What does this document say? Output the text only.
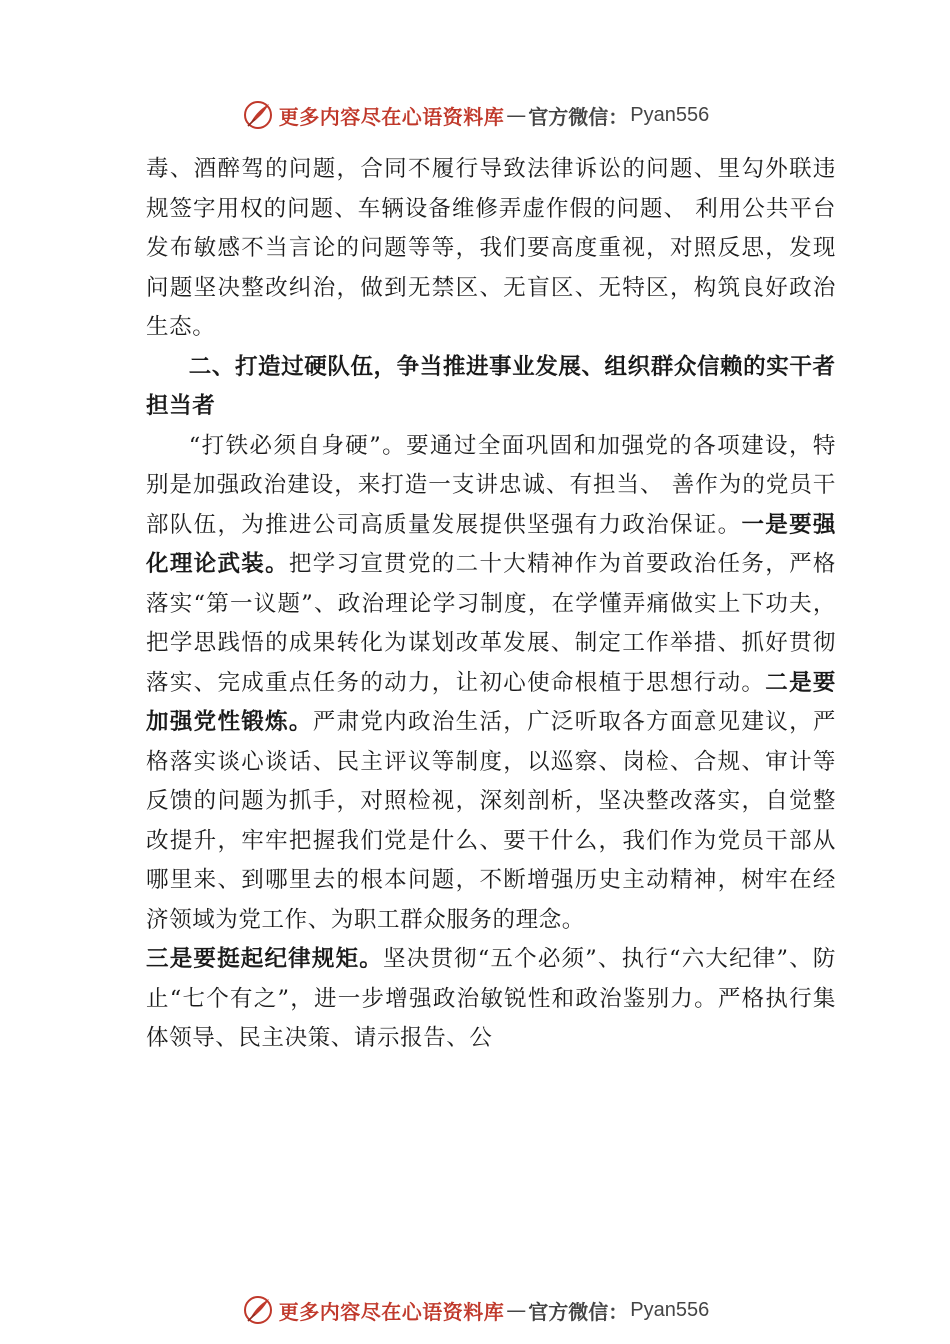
更多内容尽在心语资料库 — 官方微信： Pyan556

毒、酒醉驾的问题，合同不履行导致法律诉讼的问题、里勾外联违规签字用权的问题、车辆设备维修弄虚作假的问题、 利用公共平台发布敏感不当言论的问题等等，我们要高度重视，对照反思，发现问题坚决整改纠治，做到无禁区、无盲区、无特区，构筑良好政治生态。

二、打造过硬队伍，争当推进事业发展、组织群众信赖的实干者担当者

“打铁必须自身硬”。要通过全面巩固和加强党的各项建设，特别是加强政治建设，来打造一支讲忠诚、有担当、 善作为的党员干部队伍，为推进公司高质量发展提供坚强有力政治保证。一是要强化理论武装。把学习宣贯党的二十大精神作为首要政治任务，严格落实“第一议题”、政治理论学习制度，在学懂弄痛做实上下功夫，把学思践悟的成果转化为谋划改革发展、制定工作举措、抓好贯彻落实、完成重点任务的动力，让初心使命根植于思想行动。二是要加强党性锻炼。严肃党内政治生活，广泛听取各方面意见建议，严格落实谈心谈话、民主评议等制度，以巡察、岗检、合规、审计等反馈的问题为抓手，对照检视，深刻剖析，坚决整改落实，自觉整改提升，牢牢把握我们党是什么、要干什么，我们作为党员干部从哪里来、到哪里去的根本问题，不断增强历史主动精神，树牢在经济领域为党工作、为职工群众服务的理念。

三是要挺起纪律规矩。坚决贯彻“五个必须”、执行“六大纪律”、防止“七个有之”，进一步增强政治敏锐性和政治鉴别力。严格执行集体领导、民主决策、请示报告、公

更多内容尽在心语资料库 — 官方微信： Pyan556
